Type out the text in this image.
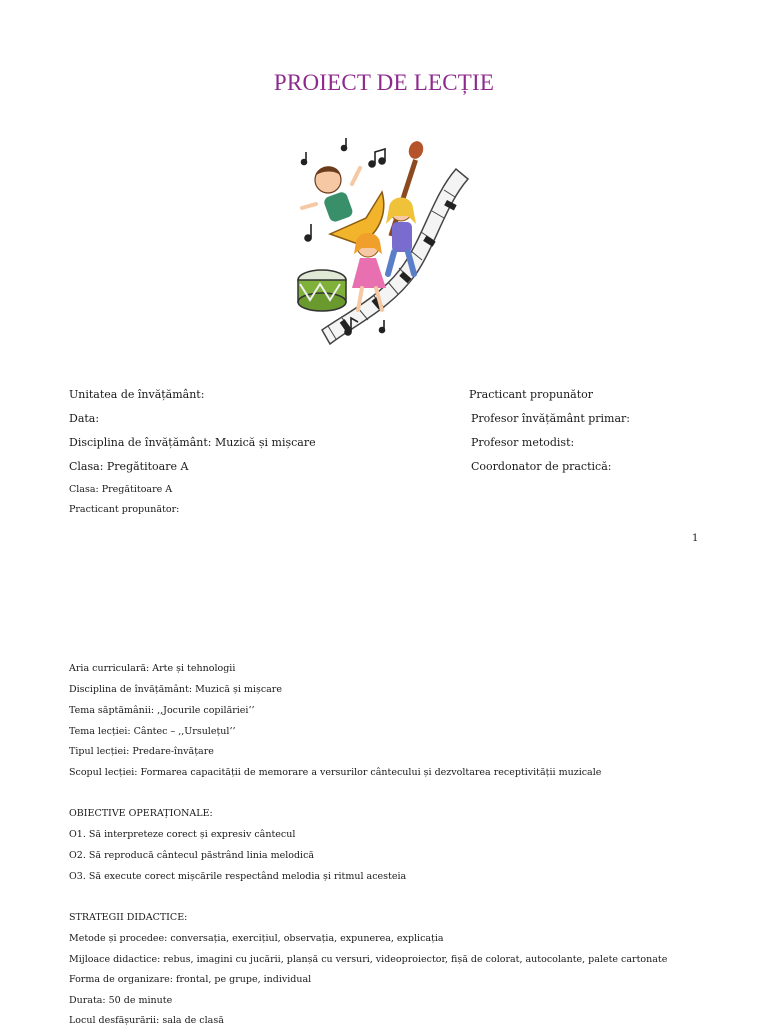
PROIECT DE LECȚIE
Unitatea de învățământ:
Data:
Disciplina de învățământ: Muzică și mișcare
Clasa: Pregătitoare A
Practicant propunător
Profesor învățământ primar:
Profesor metodist:
Coordonator de practică:
Clasa: Pregătitoare A
Practicant propunător:
1
Aria curriculară: Arte și tehnologii
Disciplina de învățământ: Muzică și mișcare
Tema săptămânii: ,,Jocurile copilăriei’’
Tema lecției: Cântec – ,,Ursulețul’’
Tipul lecției: Predare-învățare
Scopul lecției: Formarea capacității de memorare a versurilor cântecului și dezvoltarea receptivității muzicale
OBIECTIVE OPERAȚIONALE:
O1. Să interpreteze corect și expresiv cântecul
O2. Să reproducă cântecul păstrând linia melodică
O3. Să execute corect mișcările respectând melodia și ritmul acesteia
STRATEGII DIDACTICE:
Metode și procedee: conversația, exercițiul, observația, expunerea, explicația
Mijloace didactice: rebus, imagini cu jucării, planșă cu versuri, videoproiector, fișă de colorat, autocolante, palete cartonate
Forma de organizare: frontal, pe grupe, individual
Durata: 50 de minute
Locul desfășurării: sala de clasă
